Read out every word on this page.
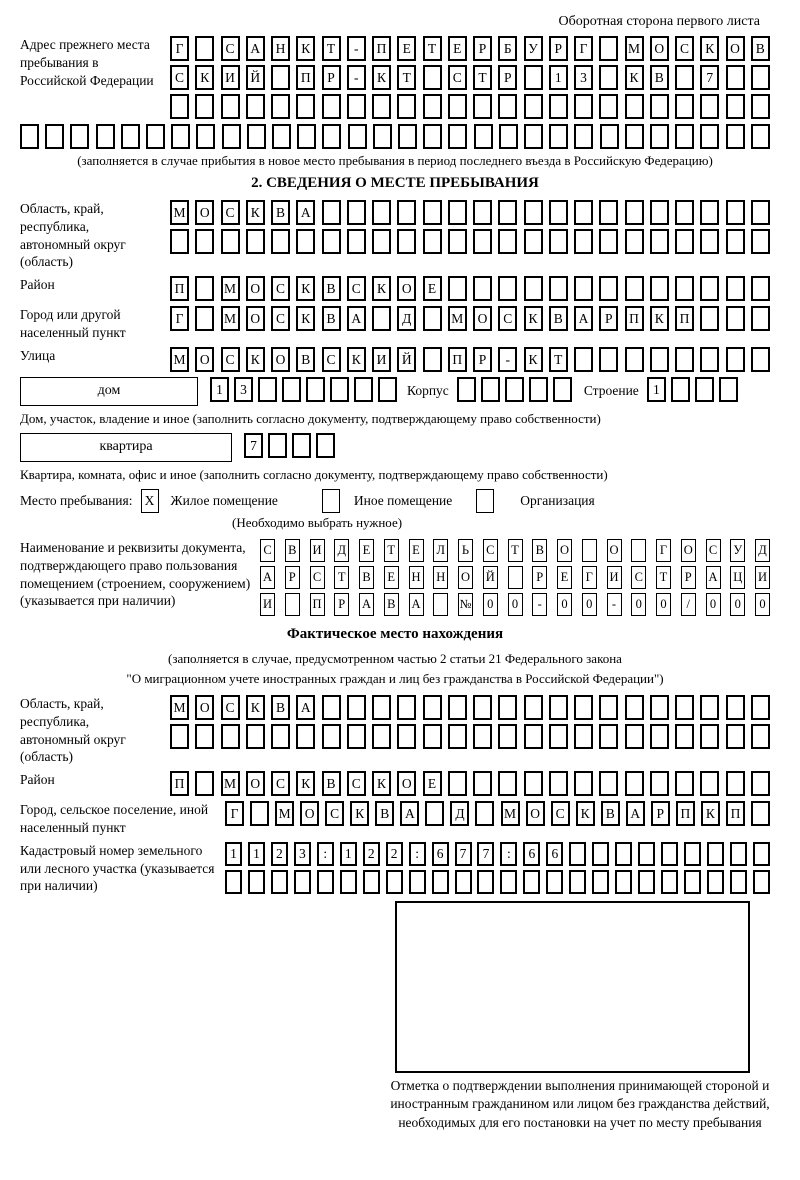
Оборотная сторона первого листа
Адрес прежнего места пребывания в Российской Федерации
Г	С	А	Н	К	Т	-	П	Е	Т	Е	Р	Б	У	Р	Г	М	О	С	К	О	В
С	К	И	Й	П	Р	-	К	Т	С	Т	Р	1	3	К	В	7
(заполняется в случае прибытия в новое место пребывания в период последнего въезда в Российскую Федерацию)
2. СВЕДЕНИЯ О МЕСТЕ ПРЕБЫВАНИЯ
Область, край, республика, автономный округ (область)
М	О	С	К	В	А
Район	П	М	О	С	К	В	С	К	О	Е
Город или другой населенный пункт
Г	М	О	С	К	В	А	Д	М	О	С	К	В	А	Р	П	К	П
Улица	М	О	С	К	О	В	С	К	И	Й	П	Р	-	К	Т
дом	1	3	Корпус	Строение	1
Дом, участок, владение и иное (заполнить согласно документу, подтверждающему право собственности)
квартира	7
Квартира, комната, офис и иное (заполнить согласно документу, подтверждающему право собственности)
Место пребывания: X	Жилое помещение	Иное помещение	Организация
(Необходимо выбрать нужное)
Наименование и реквизиты документа, подтверждающего право пользования помещением (строением, сооружением) (указывается при наличии)
С В И Д Е Т Е Л	Ь	С Т В О	О	Г	О С У Д
А	Р	С Т В Е Н Н О Й	Р	Е	Г	И С Т	Р	А Ц И
И	П	Р	А В А	№	0	0	-	0	0	-	0	0	/	0	0	0
Фактическое место нахождения
(заполняется в случае, предусмотренном частью 2 статьи 21 Федерального закона
"О миграционном учете иностранных граждан и лиц без гражданства в Российской Федерации")
Область, край, республика, автономный округ (область)
М	О	С	К	В	А
Район	П	М	О	С	К	В	С	К	О	Е
Город, сельское поселение, иной населенный пункт
Г	М	О	С	К	В	А	Д	М	О	С	К	В	А	Р	П	К	П
Кадастровый номер земельного или лесного участка (указывается при наличии)
1	1	2	3	:	1	2	2	:	6	7	7	:	6	6
Отметка о подтверждении выполнения принимающей стороной и иностранным гражданином или лицом без гражданства действий, необходимых для его постановки на учет по месту пребывания
